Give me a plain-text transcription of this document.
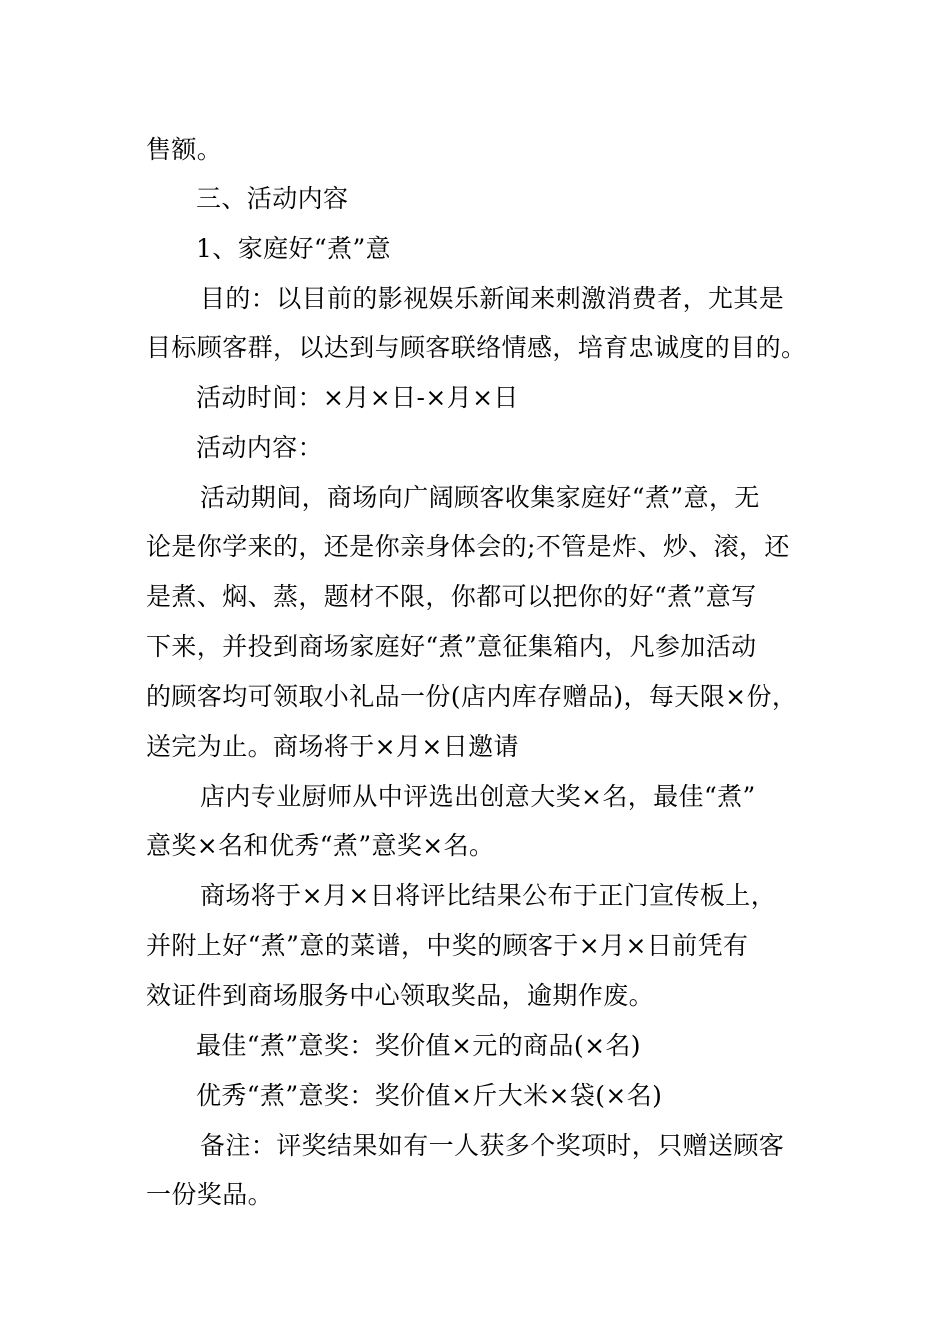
售额。
三、活动内容
1、家庭好“煮”意
目的：以目前的影视娱乐新闻来刺激消费者，尤其是
目标顾客群，以达到与顾客联络情感，培育忠诚度的目的。
活动时间：×月×日-×月×日
活动内容：
活动期间，商场向广阔顾客收集家庭好“煮”意，无
论是你学来的，还是你亲身体会的;不管是炸、炒、滚，还
是煮、焖、蒸，题材不限，你都可以把你的好“煮”意写
下来，并投到商场家庭好“煮”意征集箱内，凡参加活动
的顾客均可领取小礼品一份(店内库存赠品)，每天限×份，
送完为止。商场将于×月×日邀请
店内专业厨师从中评选出创意大奖×名，最佳“煮”
意奖×名和优秀“煮”意奖×名。
商场将于×月×日将评比结果公布于正门宣传板上，
并附上好“煮”意的菜谱，中奖的顾客于×月×日前凭有
效证件到商场服务中心领取奖品，逾期作废。
最佳“煮”意奖：奖价值×元的商品(×名)
优秀“煮”意奖：奖价值×斤大米×袋(×名)
备注：评奖结果如有一人获多个奖项时，只赠送顾客
一份奖品。
